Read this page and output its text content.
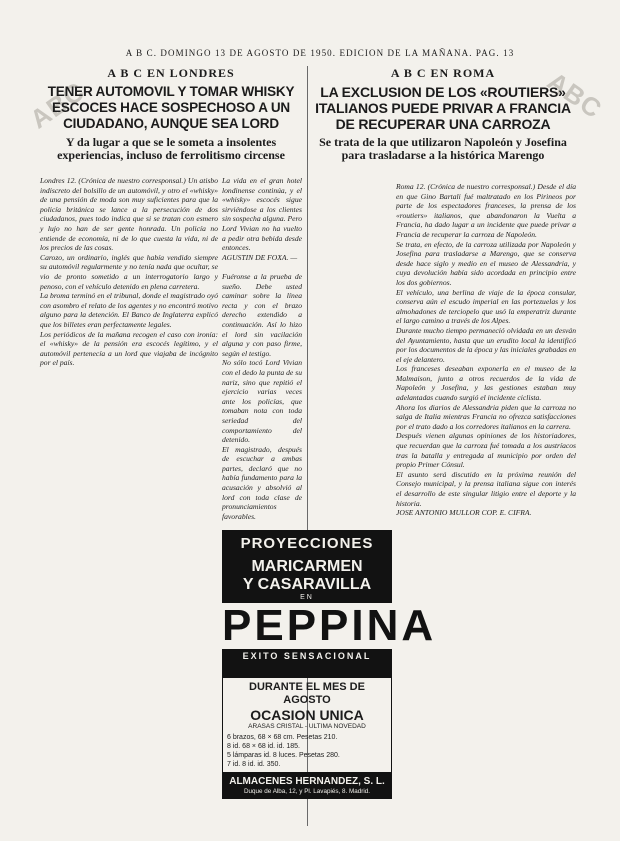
ABC	ABC
A B C. DOMINGO 13 DE AGOSTO DE 1950. EDICION DE LA MAÑANA. PAG. 13
A B C EN LONDRES
TENER AUTOMOVIL Y TOMAR WHISKY ESCOCES HACE SOSPECHOSO A UN CIUDADANO, AUNQUE SEA LORD
Y da lugar a que se le someta a insolentes experiencias, incluso de ferrolitismo circense

Londres 12. (Crónica de nuestro corresponsal.) Un atisbo indiscreto del bolsillo de un automóvil, y otro el «whisky» de una pensión de moda son muy suficientes para que la policía británica se lance a la persecución de dos ciudadanos, pues todo indica que si se tratan con esmero y lujo no han de ser gente honrada. Un policía no entiende de economía, ni de lo que cuesta la vida, ni de los precios de las cosas.
Carozo, un ordinario, inglés que había vendido siempre su automóvil regularmente y no tenía nada que ocultar, se vio de pronto sometido a un interrogatorio largo y penoso, con el vehículo detenido en plena carretera.
La broma terminó en el tribunal, donde el magistrado oyó con asombro el relato de los agentes y no encontró motivo alguno para la detención. El Banco de Inglaterra explicó que los billetes eran perfectamente legales.
Los periódicos de la mañana recogen el caso con ironía: el «whisky» de la pensión era escocés legítimo, y el automóvil pertenecía a un lord que viajaba de incógnito por el país.

Fuéronse a la prueba de sueño. Debe usted caminar sobre la línea recta y con el brazo derecho extendido a continuación. Así lo hizo el lord sin vacilación alguna y con paso firme, según el testigo.
No sólo tocó Lord Vivian con el dedo la punta de su nariz, sino que repitió el ejercicio varias veces ante los policías, que tomaban nota con toda seriedad del comportamiento del detenido.
El magistrado, después de escuchar a ambas partes, declaró que no había fundamento para la acusación y absolvió al lord con toda clase de pronunciamientos favorables.

La vida en el gran hotel londinense continúa, y el «whisky» escocés sigue sirviéndose a los clientes sin sospecha alguna. Pero Lord Vivian no ha vuelto a pedir otra bebida desde entonces.
AGUSTIN DE FOXA. —

A B C EN ROMA
LA EXCLUSION DE LOS «ROUTIERS» ITALIANOS PUEDE PRIVAR A FRANCIA DE RECUPERAR UNA CARROZA
Se trata de la que utilizaron Napoleón y Josefina para trasladarse a la histórica Marengo

Roma 12. (Crónica de nuestro corresponsal.) Desde el día en que Gino Bartali fué maltratado en los Pirineos por parte de los espectadores franceses, la prensa de los «routiers» italianos, que abandonaron la Vuelta a Francia, ha dado lugar a un incidente que puede privar a Francia de recuperar la carroza de Napoleón.
Se trata, en efecto, de la carroza utilizada por Napoleón y Josefina para trasladarse a Marengo, que se conserva desde hace siglo y medio en el museo de Alessandria, y cuya devolución había sido acordada en principio entre los dos gobiernos.
El vehículo, una berlina de viaje de la época consular, conserva aún el escudo imperial en las portezuelas y los almohadones de terciopelo que usó la emperatriz durante el largo camino a través de los Alpes.
Durante mucho tiempo permaneció olvidada en un desván del Ayuntamiento, hasta que un erudito local la identificó por los documentos de la época y las iniciales grabadas en el eje delantero.
Los franceses deseaban exponerla en el museo de la Malmaison, junto a otros recuerdos de la vida de Napoleón y Josefina, y las gestiones estaban muy adelantadas cuando surgió el incidente ciclista.
Ahora los diarios de Alessandria piden que la carroza no salga de Italia mientras Francia no ofrezca satisfacciones por el trato dado a los corredores italianos en la carrera.
Después vienen algunas opiniones de los historiadores, que recuerdan que la carroza fué tomada a los austríacos tras la batalla y entregada al municipio por orden del propio Primer Cónsul.
El asunto será discutido en la próxima reunión del Consejo municipal, y la prensa italiana sigue con interés el desarrollo de este singular litigio entre el deporte y la historia.
JOSE ANTONIO MULLOR COP. E. CIFRA.

PROYECCIONES
MARICARMEN
Y CASARAVILLA
EN
PEPPINA
EXITO SENSACIONAL
DURANTE EL MES DE AGOSTO
OCASION UNICA
ARASAS CRISTAL - ULTIMA NOVEDAD
6 brazos, 68 × 68 cm. Pesetas 210.
8 id. 68 × 68 id. id. 185.
5 lámparas id. 8 luces. Pesetas 280.
7 id. 8 id. id. 350.
ALMACENES HERNANDEZ, S. L.
Duque de Alba, 12, y Pl. Lavapiés, 8. Madrid.
